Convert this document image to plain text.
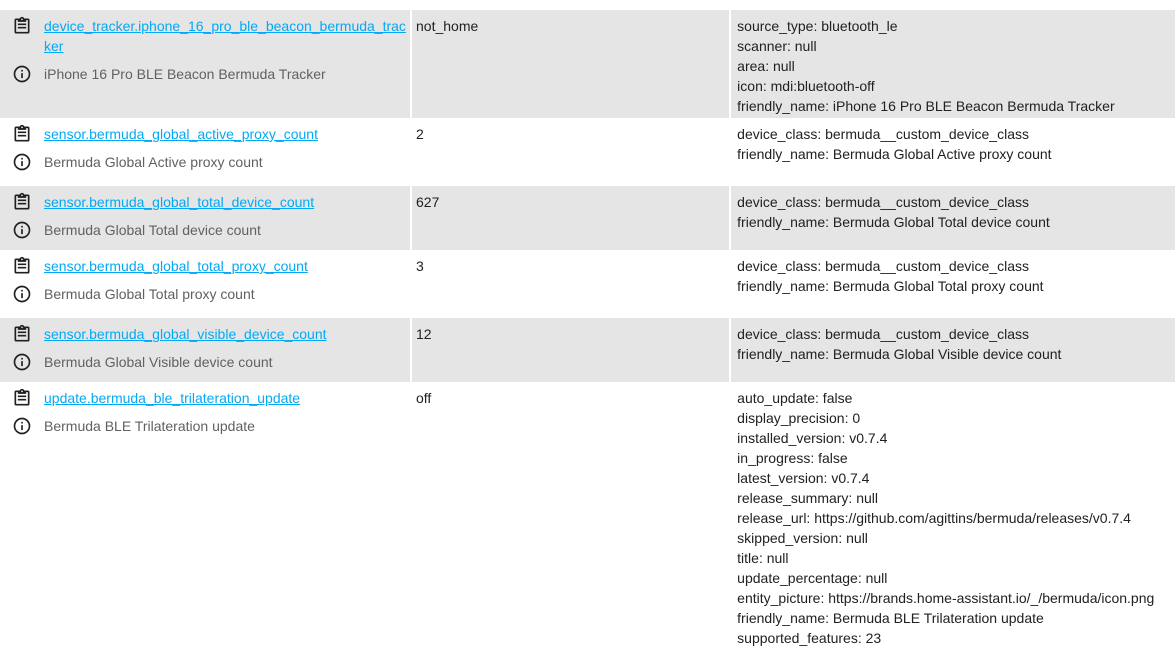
device_tracker.iphone_16_pro_ble_beacon_bermuda_tracker
iPhone 16 Pro BLE Beacon Bermuda Tracker
not_home	source_type: bluetooth_le
scanner: null
area: null
icon: mdi:bluetooth-off
friendly_name: iPhone 16 Pro BLE Beacon Bermuda Tracker
sensor.bermuda_global_active_proxy_count
Bermuda Global Active proxy count
2	device_class: bermuda__custom_device_class
friendly_name: Bermuda Global Active proxy count
sensor.bermuda_global_total_device_count
Bermuda Global Total device count
627	device_class: bermuda__custom_device_class
friendly_name: Bermuda Global Total device count
sensor.bermuda_global_total_proxy_count
Bermuda Global Total proxy count
3	device_class: bermuda__custom_device_class
friendly_name: Bermuda Global Total proxy count
sensor.bermuda_global_visible_device_count
Bermuda Global Visible device count
12	device_class: bermuda__custom_device_class
friendly_name: Bermuda Global Visible device count
update.bermuda_ble_trilateration_update
Bermuda BLE Trilateration update
off	auto_update: false
display_precision: 0
installed_version: v0.7.4
in_progress: false
latest_version: v0.7.4
release_summary: null
release_url: https://github.com/agittins/bermuda/releases/v0.7.4
skipped_version: null
title: null
update_percentage: null
entity_picture: https://brands.home-assistant.io/_/bermuda/icon.png
friendly_name: Bermuda BLE Trilateration update
supported_features: 23
